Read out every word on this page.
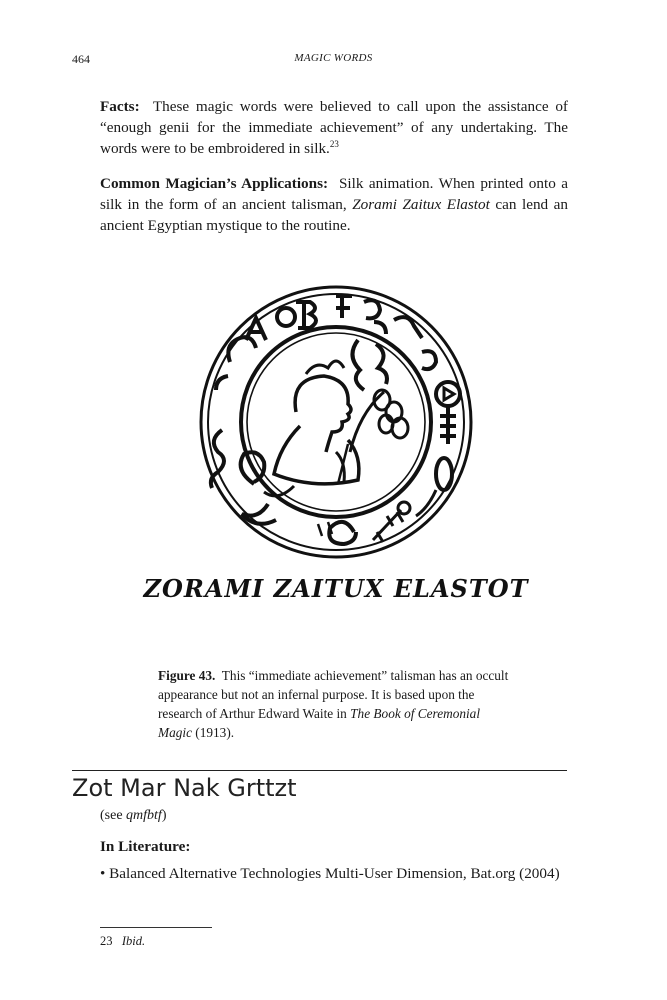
464	MAGIC WORDS
Facts: These magic words were believed to call upon the assistance of “enough genii for the immediate achievement” of any undertaking. The words were to be embroidered in silk.$^{23}$
Common Magician’s Applications: Silk animation. When printed onto a silk in the form of an ancient talisman, Zorami Zaitux Elastot can lend an ancient Egyptian mystique to the routine.
ZORAMI ZAITUX ELASTOT
Figure 43. This “immediate achievement” talisman has an occult appearance but not an infernal purpose. It is based upon the research of Arthur Edward Waite in The Book of Ceremonial Magic (1913).
Zot Mar Nak Grttzt
(see qmfbtf)
In Literature:
• Balanced Alternative Technologies Multi-User Dimension, Bat.org (2004)
23 Ibid.
